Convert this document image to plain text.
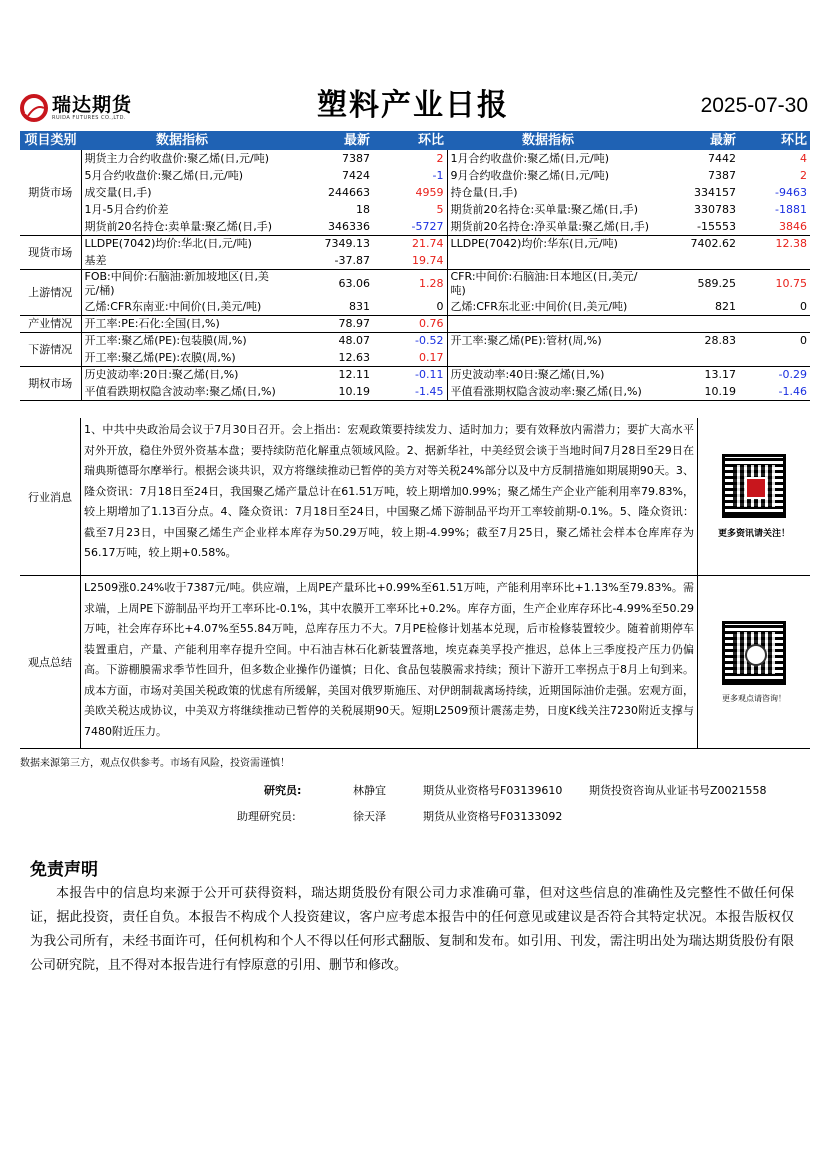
瑞达期货
RUIDA FUTURES CO.,LTD.	塑料产业日报	2025-07-30
项目类别	数据指标	最新	环比	数据指标	最新	环比
期货市场	期货主力合约收盘价:聚乙烯(日,元/吨)	7387	2	1月合约收盘价:聚乙烯(日,元/吨)	7442	4
	5月合约收盘价:聚乙烯(日,元/吨)	7424	-1	9月合约收盘价:聚乙烯(日,元/吨)	7387	2
	成交量(日,手)	244663	4959	持仓量(日,手)	334157	-9463
	1月-5月合约价差	18	5	期货前20名持仓:买单量:聚乙烯(日,手)	330783	-1881
	期货前20名持仓:卖单量:聚乙烯(日,手)	346336	-5727	期货前20名持仓:净买单量:聚乙烯(日,手)	-15553	3846
现货市场	LLDPE(7042)均价:华北(日,元/吨)	7349.13	21.74	LLDPE(7042)均价:华东(日,元/吨)	7402.62	12.38
	基差	-37.87	19.74			
上游情况	FOB:中间价:石脑油:新加坡地区(日,美元/桶)	63.06	1.28	CFR:中间价:石脑油:日本地区(日,美元/吨)	589.25	10.75
	乙烯:CFR东南亚:中间价(日,美元/吨)	831	0	乙烯:CFR东北亚:中间价(日,美元/吨)	821	0
产业情况	开工率:PE:石化:全国(日,%)	78.97	0.76			
下游情况	开工率:聚乙烯(PE):包装膜(周,%)	48.07	-0.52	开工率:聚乙烯(PE):管材(周,%)	28.83	0
	开工率:聚乙烯(PE):农膜(周,%)	12.63	0.17			
期权市场	历史波动率:20日:聚乙烯(日,%)	12.11	-0.11	历史波动率:40日:聚乙烯(日,%)	13.17	-0.29
	平值看跌期权隐含波动率:聚乙烯(日,%)	10.19	-1.45	平值看涨期权隐含波动率:聚乙烯(日,%)	10.19	-1.46
行业消息
1、中共中央政治局会议于7月30日召开。会上指出：宏观政策要持续发力、适时加力；要有效释放内需潜力；要扩大高水平对外开放，稳住外贸外资基本盘；要持续防范化解重点领域风险。2、据新华社，中美经贸会谈于当地时间7月28日至29日在瑞典斯德哥尔摩举行。根据会谈共识，双方将继续推动已暂停的美方对等关税24%部分以及中方反制措施如期展期90天。3、隆众资讯：7月18日至24日，我国聚乙烯产量总计在61.51万吨，较上期增加0.99%；聚乙烯生产企业产能利用率79.83%，较上期增加了1.13百分点。4、隆众资讯：7月18日至24日，中国聚乙烯下游制品平均开工率较前期-0.1%。5、隆众资讯：截至7月23日，中国聚乙烯生产企业样本库存为50.29万吨，较上期-4.99%；截至7月25日，聚乙烯社会样本仓库库存为56.17万吨，较上期+0.58%。
更多资讯请关注！
观点总结
L2509涨0.24%收于7387元/吨。供应端，上周PE产量环比+0.99%至61.51万吨，产能利用率环比+1.13%至79.83%。需求端，上周PE下游制品平均开工率环比-0.1%，其中农膜开工率环比+0.2%。库存方面，生产企业库存环比-4.99%至50.29万吨，社会库存环比+4.07%至55.84万吨，总库存压力不大。7月PE检修计划基本兑现，后市检修装置较少。随着前期停车装置重启，产量、产能利用率存提升空间。中石油吉林石化新装置落地，埃克森美孚投产推迟，总体上三季度投产压力仍偏高。下游棚膜需求季节性回升，但多数企业操作仍谨慎；日化、食品包装膜需求持续；预计下游开工率拐点于8月上旬到来。成本方面，市场对美国关税政策的忧虑有所缓解，美国对俄罗斯施压、对伊朗制裁离场持续，近期国际油价走强。宏观方面，美欧关税达成协议，中美双方将继续推动已暂停的关税展期90天。短期L2509预计震荡走势，日度K线关注7230附近支撑与7480附近压力。
更多观点请咨询！
数据来源第三方，观点仅供参考。市场有风险，投资需谨慎！
研究员:	林静宜	期货从业资格号F03139610 期货投资咨询从业证书号Z0021558
助理研究员:	徐天泽	期货从业资格号F03133092
免责声明
本报告中的信息均来源于公开可获得资料，瑞达期货股份有限公司力求准确可靠，但对这些信息的准确性及完整性不做任何保证，据此投资，责任自负。本报告不构成个人投资建议，客户应考虑本报告中的任何意见或建议是否符合其特定状况。本报告版权仅为我公司所有，未经书面许可，任何机构和个人不得以任何形式翻版、复制和发布。如引用、刊发，需注明出处为瑞达期货股份有限公司研究院，且不得对本报告进行有悖原意的引用、删节和修改。
